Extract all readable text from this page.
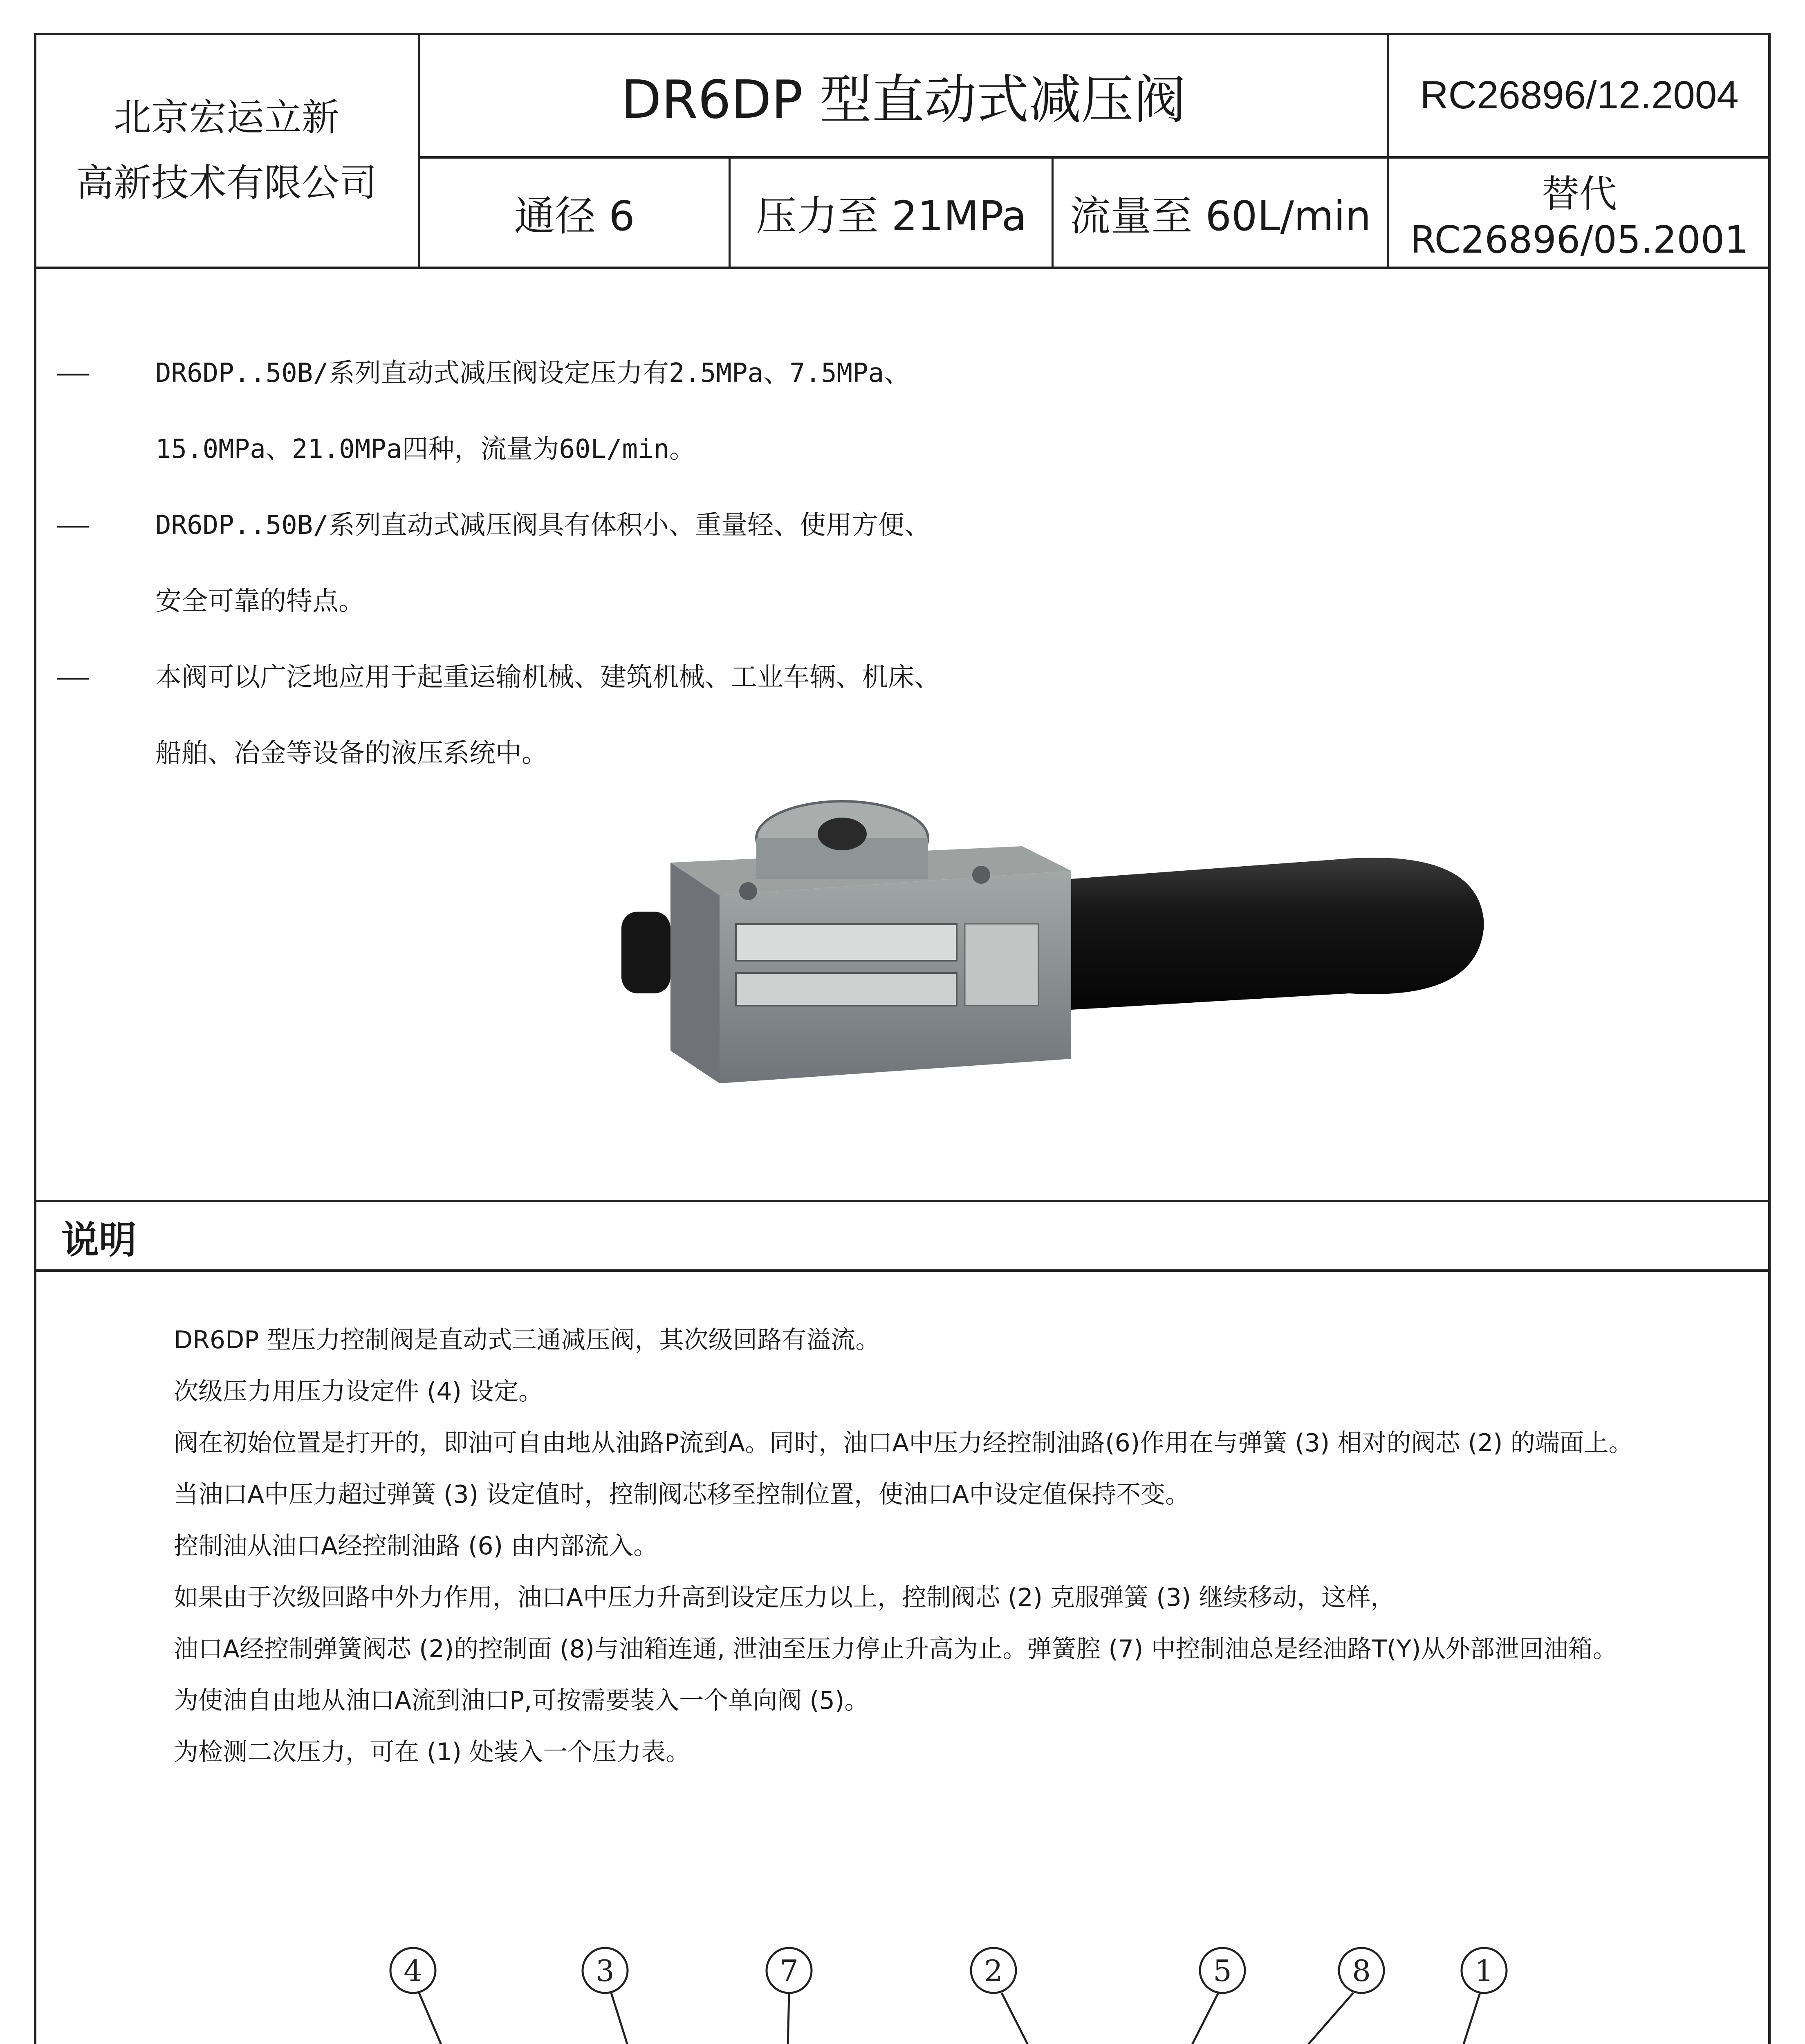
北京宏运立新
高新技术有限公司
DR6DP 型直动式减压阀	RC26896/12.2004
通径 6	压力至 21MPa	流量至 60L/min	替代 RC26896/05.2001
——	DR6DP..50B/系列直动式减压阀设定压力有2.5MPa、7.5MPa、
15.0MPa、21.0MPa四种，流量为60L/min。
——	DR6DP..50B/系列直动式减压阀具有体积小、重量轻、使用方便、
安全可靠的特点。
——	本阀可以广泛地应用于起重运输机械、建筑机械、工业车辆、机床、
船舶、冶金等设备的液压系统中。
说明

DR6DP 型压力控制阀是直动式三通减压阀，其次级回路有溢流。

次级压力用压力设定件 (4) 设定。

阀在初始位置是打开的，即油可自由地从油路P流到A。同时，油口A中压力经控制油路(6)作用在与弹簧 (3) 相对的阀芯 (2) 的端面上。

当油口A中压力超过弹簧 (3) 设定值时，控制阀芯移至控制位置，使油口A中设定值保持不变。

控制油从油口A经控制油路 (6) 由内部流入。

如果由于次级回路中外力作用，油口A中压力升高到设定压力以上，控制阀芯 (2) 克服弹簧 (3) 继续移动，这样，

油口A经控制弹簧阀芯 (2)的控制面 (8)与油箱连通, 泄油至压力停止升高为止。弹簧腔 (7) 中控制油总是经油路T(Y)从外部泄回油箱。

为使油自由地从油口A流到油口P,可按需要装入一个单向阀 (5)。

为检测二次压力，可在 (1) 处装入一个压力表。

4	3	7	2	5	8	1
